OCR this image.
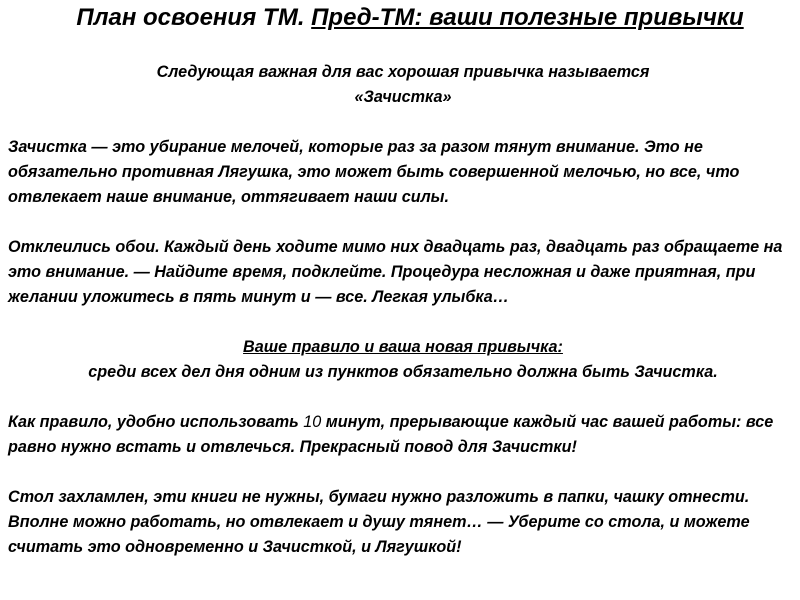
План освоения ТМ. Пред-ТМ: ваши полезные привычки

Следующая важная для вас хорошая привычка называется

«Зачистка»

Зачистка — это убирание мелочей, которые раз за разом тянут внимание. Это не обязательно противная Лягушка, это может быть совершенной мелочью, но все, что отвлекает наше внимание, оттягивает наши силы.

Отклеились обои. Каждый день ходите мимо них двадцать раз, двадцать раз обращаете на это внимание. — Найдите время, подклейте. Процедура несложная и даже приятная, при желании уложитесь в пять минут и — все. Легкая улыбка…

Ваше правило и ваша новая привычка:

среди всех дел дня одним из пунктов обязательно должна быть Зачистка.

Как правило, удобно использовать 10 минут, прерывающие каждый час вашей работы: все равно нужно встать и отвлечься. Прекрасный повод для Зачистки!

Стол захламлен, эти книги не нужны, бумаги нужно разложить в папки, чашку отнести. Вполне можно работать, но отвлекает и душу тянет… — Уберите со стола, и можете считать это одновременно и Зачисткой, и Лягушкой!
